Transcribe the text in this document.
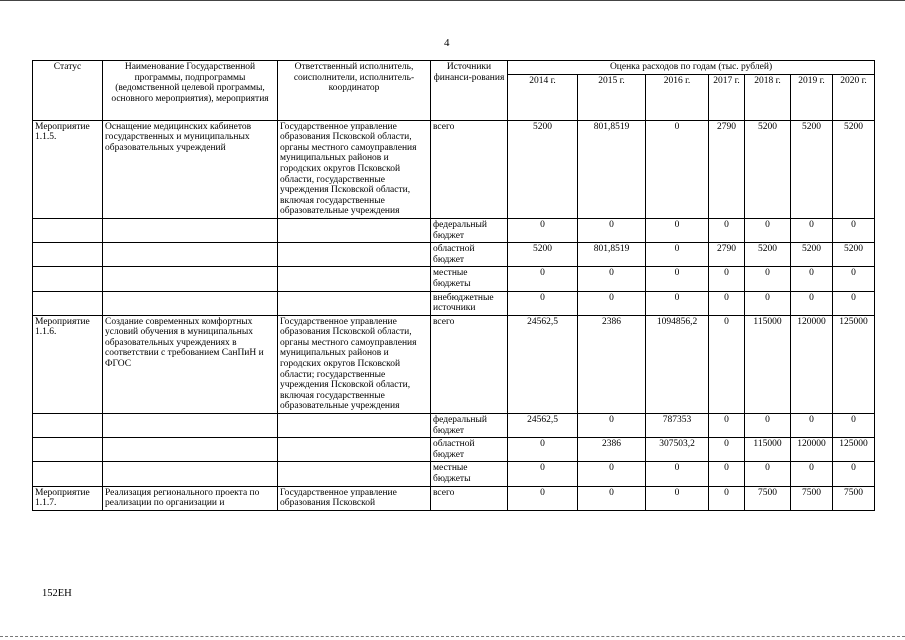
4
Статус	Наименование Государственной программы, подпрограммы (ведомственной целевой программы, основного мероприятия), мероприятия	Ответственный исполнитель, соисполнители, исполнитель-координатор	Источники финанси-рования	Оценка расходов по годам (тыс. рублей)						
				2014 г.	2015 г.	2016 г.	2017 г.	2018 г.	2019 г.	2020 г.
Мероприятие 1.1.5.	Оснащение медицинских кабинетов государственных и муниципальных образовательных учреждений	Государственное управление образования Псковской области, органы местного самоуправления муниципальных районов и городских округов Псковской области, государственные учреждения Псковской области, включая государственные образовательные учреждения	всего	5200	801,8519	0	2790	5200	5200	5200
			федеральный бюджет	0	0	0	0	0	0	0
			областной бюджет	5200	801,8519	0	2790	5200	5200	5200
			местные бюджеты	0	0	0	0	0	0	0
			внебюджетные источники	0	0	0	0	0	0	0
Мероприятие 1.1.6.	Создание современных комфортных условий обучения в муниципальных образовательных учреждениях в соответствии с требованием СанПиН и ФГОС	Государственное управление образования Псковской области, органы местного самоуправления муниципальных районов и городских округов Псковской области; государственные учреждения Псковской области, включая государственные образовательные учреждения	всего	24562,5	2386	1094856,2	0	115000	120000	125000
			федеральный бюджет	24562,5	0	787353	0	0	0	0
			областной бюджет	0	2386	307503,2	0	115000	120000	125000
			местные бюджеты	0	0	0	0	0	0	0
Мероприятие 1.1.7.	Реализация регионального проекта по реализации по организации и	Государственное управление образования Псковской	всего	0	0	0	0	7500	7500	7500
152ЕН
